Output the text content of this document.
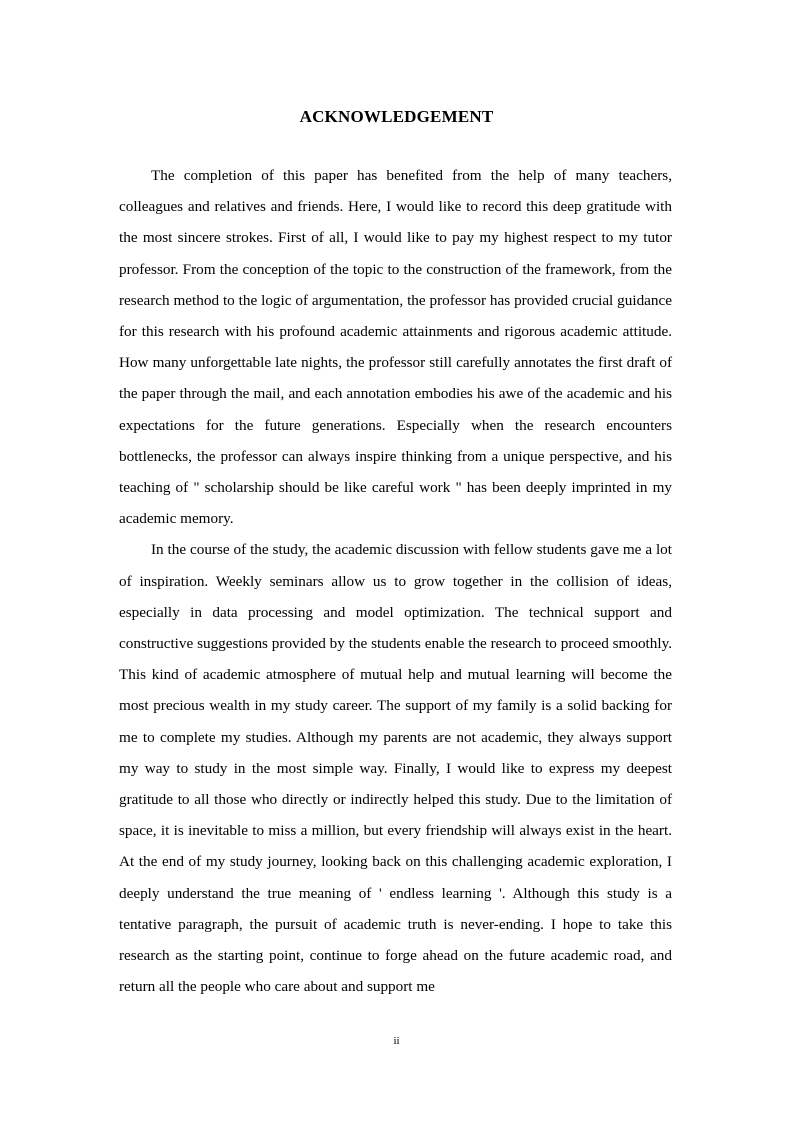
ACKNOWLEDGEMENT

The completion of this paper has benefited from the help of many teachers, colleagues and relatives and friends. Here, I would like to record this deep gratitude with the most sincere strokes. First of all, I would like to pay my highest respect to my tutor professor. From the conception of the topic to the construction of the framework, from the research method to the logic of argumentation, the professor has provided crucial guidance for this research with his profound academic attainments and rigorous academic attitude. How many unforgettable late nights, the professor still carefully annotates the first draft of the paper through the mail, and each annotation embodies his awe of the academic and his expectations for the future generations. Especially when the research encounters bottlenecks, the professor can always inspire thinking from a unique perspective, and his teaching of " scholarship should be like careful work " has been deeply imprinted in my academic memory.

In the course of the study, the academic discussion with fellow students gave me a lot of inspiration. Weekly seminars allow us to grow together in the collision of ideas, especially in data processing and model optimization. The technical support and constructive suggestions provided by the students enable the research to proceed smoothly. This kind of academic atmosphere of mutual help and mutual learning will become the most precious wealth in my study career. The support of my family is a solid backing for me to complete my studies. Although my parents are not academic, they always support my way to study in the most simple way. Finally, I would like to express my deepest gratitude to all those who directly or indirectly helped this study. Due to the limitation of space, it is inevitable to miss a million, but every friendship will always exist in the heart. At the end of my study journey, looking back on this challenging academic exploration, I deeply understand the true meaning of ' endless learning '. Although this study is a tentative paragraph, the pursuit of academic truth is never-ending. I hope to take this research as the starting point, continue to forge ahead on the future academic road, and return all the people who care about and support me

ii
